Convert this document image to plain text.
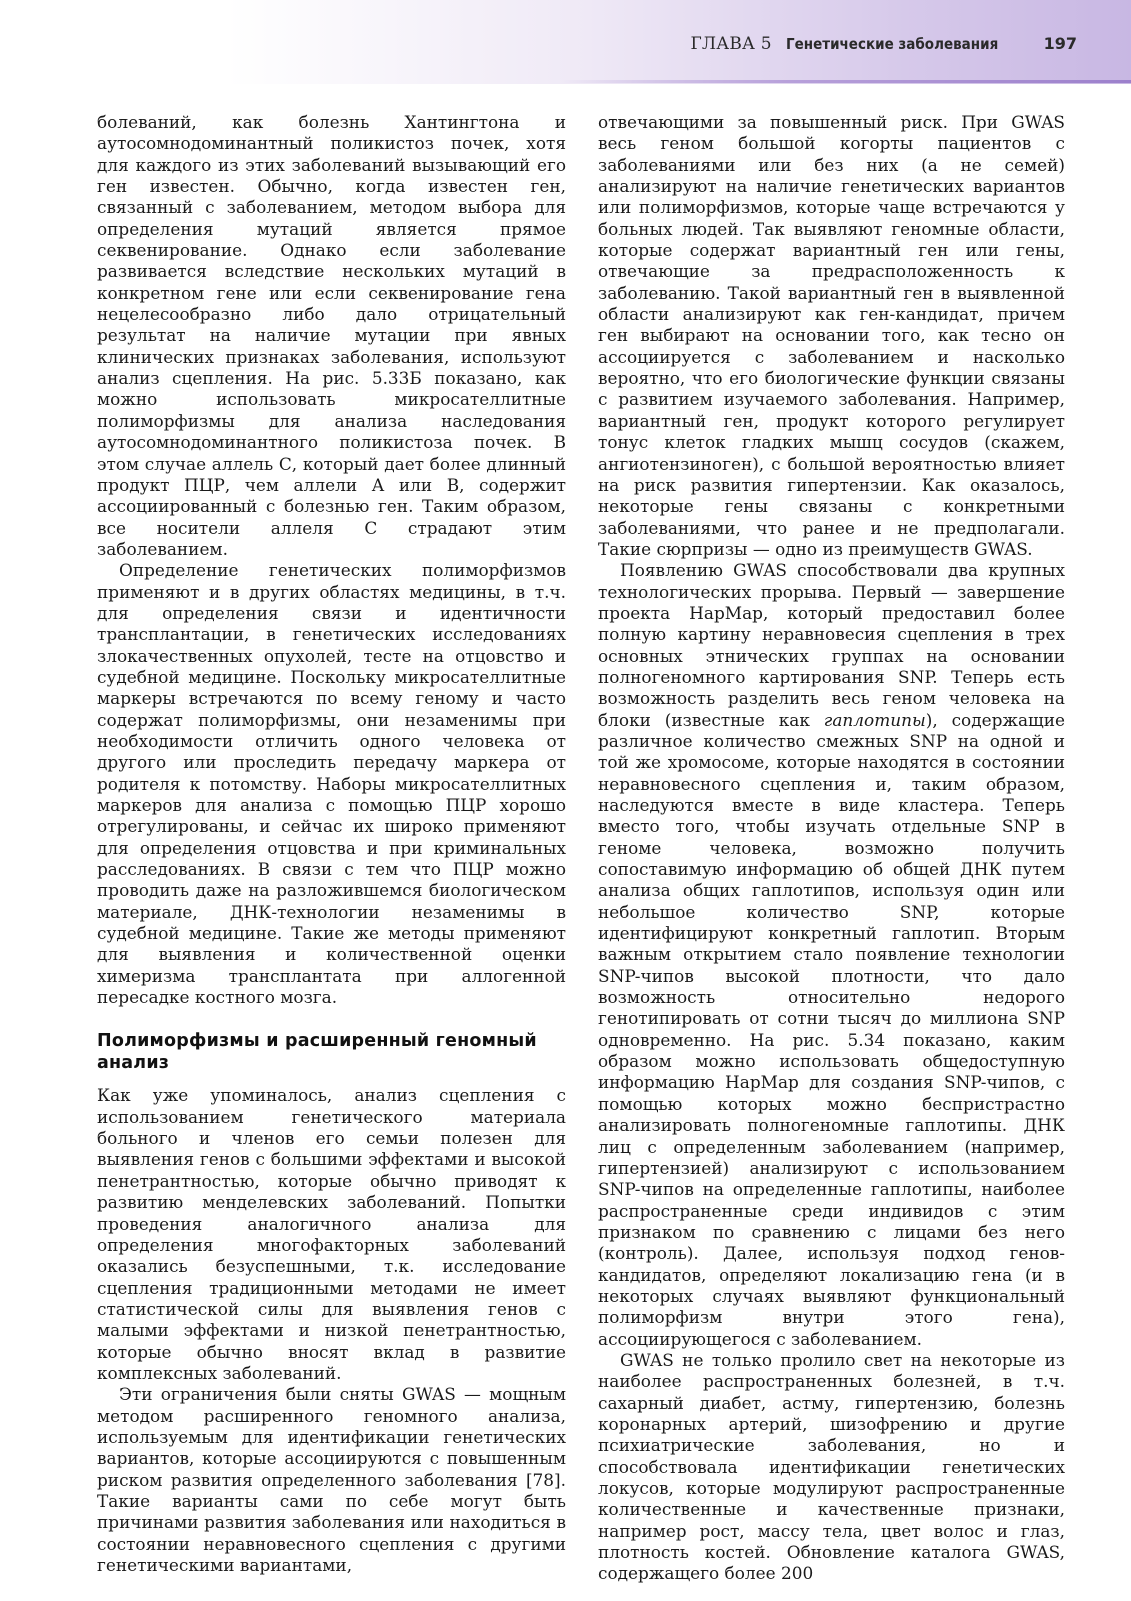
ГЛАВА 5 Генетические заболевания	197

болеваний, как болезнь Хантингтона и аутосомнодоминантный поликистоз почек, хотя для каждого из этих заболеваний вызывающий его ген известен. Обычно, когда известен ген, связанный с заболеванием, методом выбора для определения мутаций является прямое секвенирование. Однако если заболевание развивается вследствие нескольких мутаций в конкретном гене или если секвенирование гена нецелесообразно либо дало отрицательный результат на наличие мутации при явных клинических признаках заболевания, используют анализ сцепления. На рис. 5.33Б показано, как можно использовать микросателлитные полиморфизмы для анализа наследования аутосомнодоминантного поликистоза почек. В этом случае аллель С, который дает более длинный продукт ПЦР, чем аллели А или В, содержит ассоциированный с болезнью ген. Таким образом, все носители аллеля С страдают этим заболеванием.

Определение генетических полиморфизмов применяют и в других областях медицины, в т.ч. для определения связи и идентичности трансплантации, в генетических исследованиях злокачественных опухолей, тесте на отцовство и судебной медицине. Поскольку микросателлитные маркеры встречаются по всему геному и часто содержат полиморфизмы, они незаменимы при необходимости отличить одного человека от другого или проследить передачу маркера от родителя к потомству. Наборы микросателлитных маркеров для анализа с помощью ПЦР хорошо отрегулированы, и сейчас их широко применяют для определения отцовства и при криминальных расследованиях. В связи с тем что ПЦР можно проводить даже на разложившемся биологическом материале, ДНК-технологии незаменимы в судебной медицине. Такие же методы применяют для выявления и количественной оценки химеризма трансплантата при аллогенной пересадке костного мозга.

Полиморфизмы и расширенный геномный анализ

Как уже упоминалось, анализ сцепления с использованием генетического материала больного и членов его семьи полезен для выявления генов с большими эффектами и высокой пенетрантностью, которые обычно приводят к развитию менделевских заболеваний. Попытки проведения аналогичного анализа для определения многофакторных заболеваний оказались безуспешными, т.к. исследование сцепления традиционными методами не имеет статистической силы для выявления генов с малыми эффектами и низкой пенетрантностью, которые обычно вносят вклад в развитие комплексных заболеваний.

Эти ограничения были сняты GWAS — мощным методом расширенного геномного анализа, используемым для идентификации генетических вариантов, которые ассоциируются с повышенным риском развития определенного заболевания [78]. Такие варианты сами по себе могут быть причинами развития заболевания или находиться в состоянии неравновесного сцепления с другими генетическими вариантами,

отвечающими за повышенный риск. При GWAS весь геном большой когорты пациентов с заболеваниями или без них (а не семей) анализируют на наличие генетических вариантов или полиморфизмов, которые чаще встречаются у больных людей. Так выявляют геномные области, которые содержат вариантный ген или гены, отвечающие за предрасположенность к заболеванию. Такой вариантный ген в выявленной области анализируют как ген-кандидат, причем ген выбирают на основании того, как тесно он ассоциируется с заболеванием и насколько вероятно, что его биологические функции связаны с развитием изучаемого заболевания. Например, вариантный ген, продукт которого регулирует тонус клеток гладких мышц сосудов (скажем, ангиотензиноген), с большой вероятностью влияет на риск развития гипертензии. Как оказалось, некоторые гены связаны с конкретными заболеваниями, что ранее и не предполагали. Такие сюрпризы — одно из преимуществ GWAS.

Появлению GWAS способствовали два крупных технологических прорыва. Первый — завершение проекта HapMap, который предоставил более полную картину неравновесия сцепления в трех основных этнических группах на основании полногеномного картирования SNP. Теперь есть возможность разделить весь геном человека на блоки (известные как гаплотипы), содержащие различное количество смежных SNP на одной и той же хромосоме, которые находятся в состоянии неравновесного сцепления и, таким образом, наследуются вместе в виде кластера. Теперь вместо того, чтобы изучать отдельные SNP в геноме человека, возможно получить сопоставимую информацию об общей ДНК путем анализа общих гаплотипов, используя один или небольшое количество SNP, которые идентифицируют конкретный гаплотип. Вторым важным открытием стало появление технологии SNP-чипов высокой плотности, что дало возможность относительно недорого генотипировать от сотни тысяч до миллиона SNP одновременно. На рис. 5.34 показано, каким образом можно использовать общедоступную информацию HapMap для создания SNP-чипов, с помощью которых можно беспристрастно анализировать полногеномные гаплотипы. ДНК лиц с определенным заболеванием (например, гипертензией) анализируют с использованием SNP-чипов на определенные гаплотипы, наиболее распространенные среди индивидов с этим признаком по сравнению с лицами без него (контроль). Далее, используя подход генов-кандидатов, определяют локализацию гена (и в некоторых случаях выявляют функциональный полиморфизм внутри этого гена), ассоциирующегося с заболеванием.

GWAS не только пролило свет на некоторые из наиболее распространенных болезней, в т.ч. сахарный диабет, астму, гипертензию, болезнь коронарных артерий, шизофрению и другие психиатрические заболевания, но и способствовала идентификации генетических локусов, которые модулируют распространенные количественные и качественные признаки, например рост, массу тела, цвет волос и глаз, плотность костей. Обновление каталога GWAS, содержащего более 200
